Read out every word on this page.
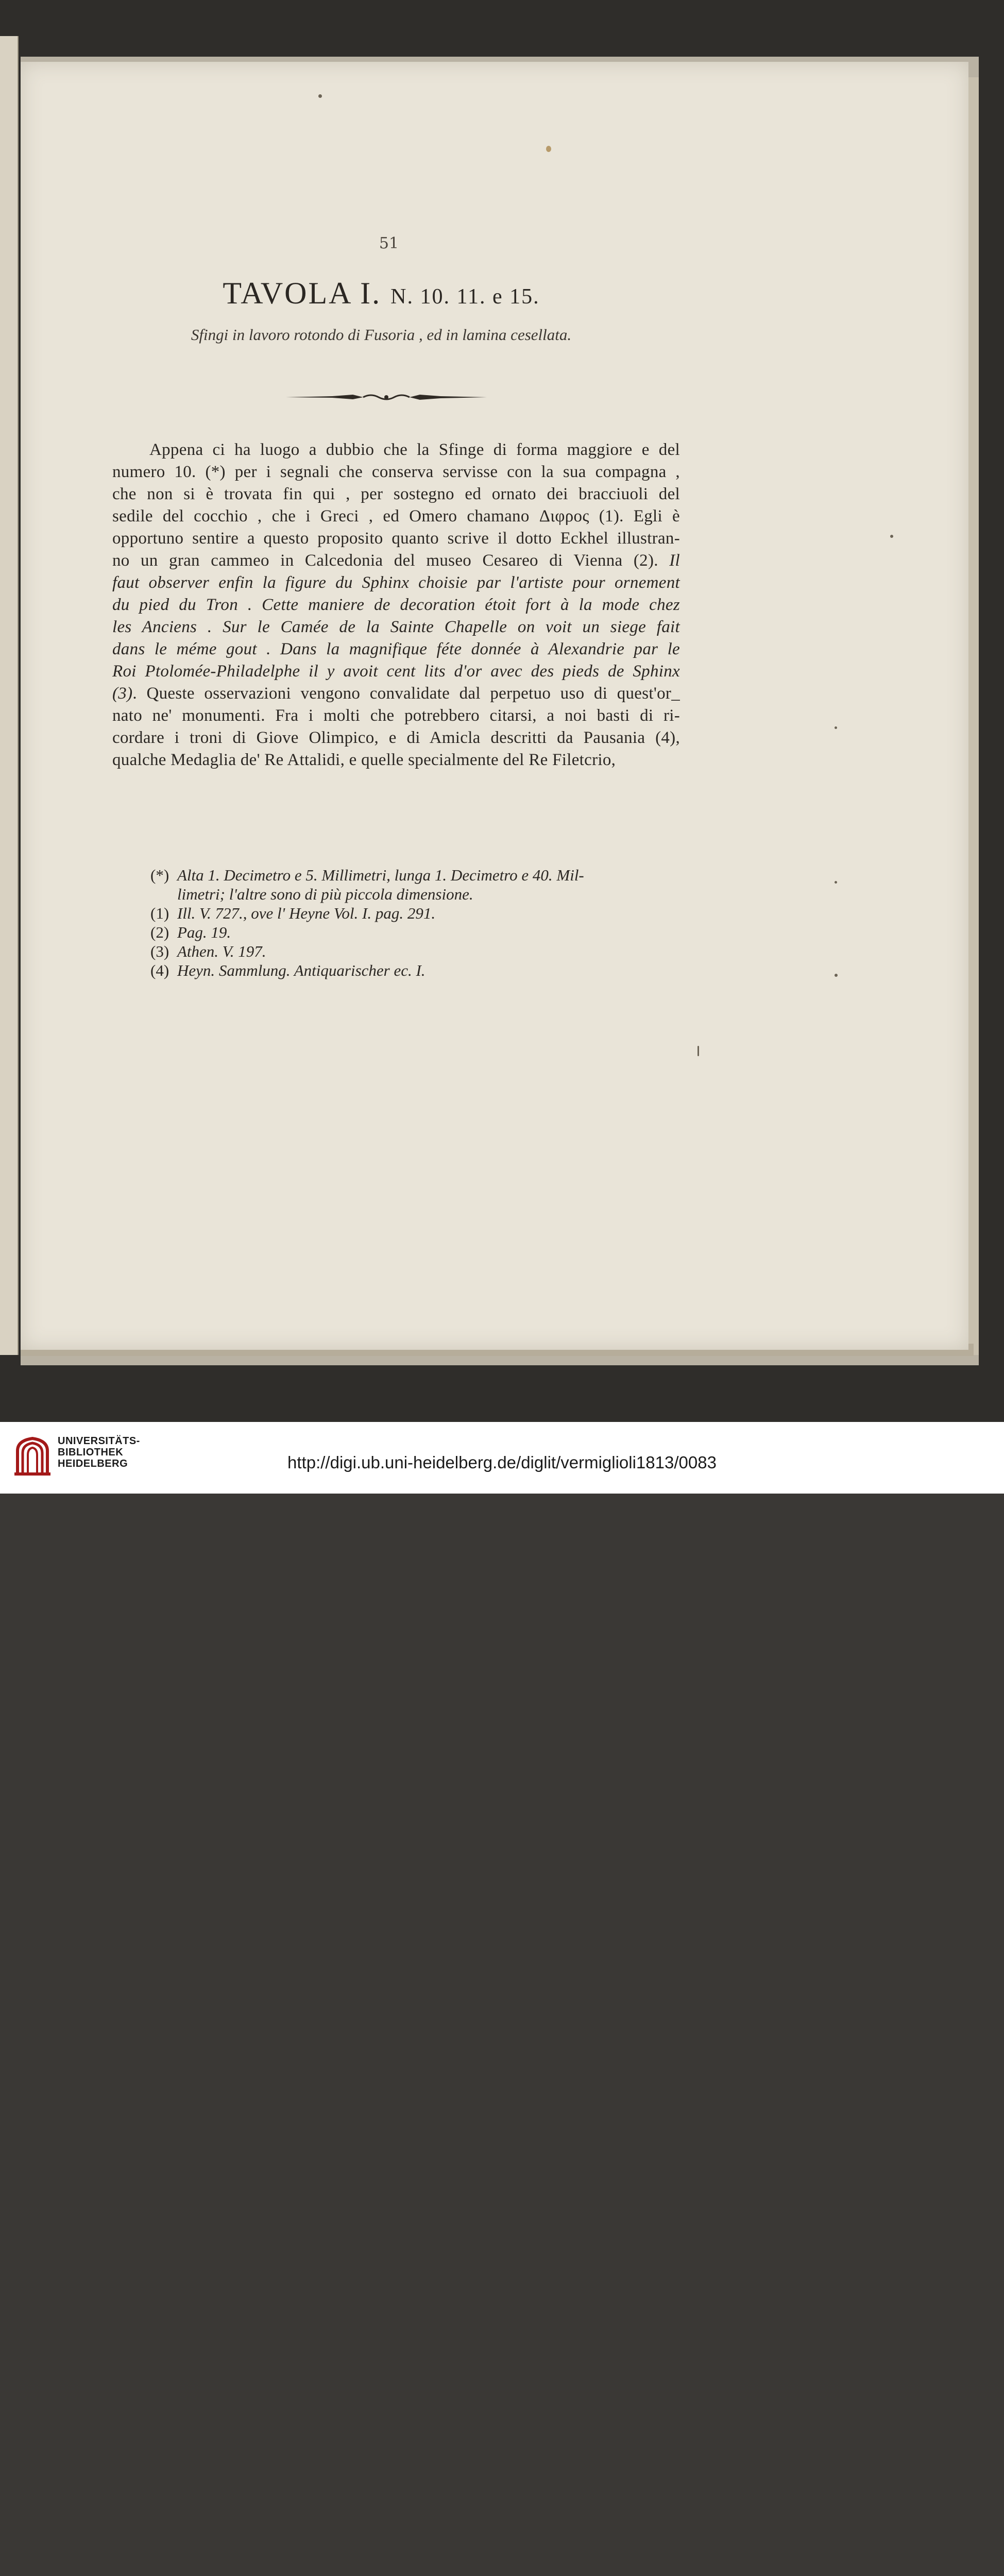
51
TAVOLA I. N. 10. 11. e 15.
Sfingi in lavoro rotondo di Fusoria , ed in lamina cesellata.
Appena ci ha luogo a dubbio che la Sfinge di forma maggiore e del
numero 10. (*) per i segnali che conserva servisse con la sua compagna ,
che non si è trovata fin qui , per sostegno ed ornato dei bracciuoli del
sedile del cocchio , che i Greci , ed Omero chamano Διφρος (1). Egli è
opportuno sentire a questo proposito quanto scrive il dotto Eckhel illustran-
no un gran cammeo in Calcedonia del museo Cesareo di Vienna (2). Il
faut observer enfin la figure du Sphinx choisie par l'artiste pour ornement
du pied du Tron . Cette maniere de decoration étoit fort à la mode chez
les Anciens . Sur le Camée de la Sainte Chapelle on voit un siege fait
dans le méme gout . Dans la magnifique féte donnée à Alexandrie par le
Roi Ptolomée-Philadelphe il y avoit cent lits d'or avec des pieds de Sphinx
(3). Queste osservazioni vengono convalidate dal perpetuo uso di quest'or_
nato ne' monumenti. Fra i molti che potrebbero citarsi, a noi basti di ri-
cordare i troni di Giove Olimpico, e di Amicla descritti da Pausania (4),
qualche Medaglia de' Re Attalidi, e quelle specialmente del Re Filetcrio,
(*) Alta 1. Decimetro e 5. Millimetri, lunga 1. Decimetro e 40. Mil-
limetri; l'altre sono di più piccola dimensione.
(1) Ill. V. 727., ove l' Heyne Vol. I. pag. 291.
(2) Pag. 19.
(3) Athen. V. 197.
(4) Heyn. Sammlung. Antiquarischer ec. I.
UNIVERSITÄTS-
BIBLIOTHEK
HEIDELBERG	http://digi.ub.uni-heidelberg.de/diglit/vermiglioli1813/0083
